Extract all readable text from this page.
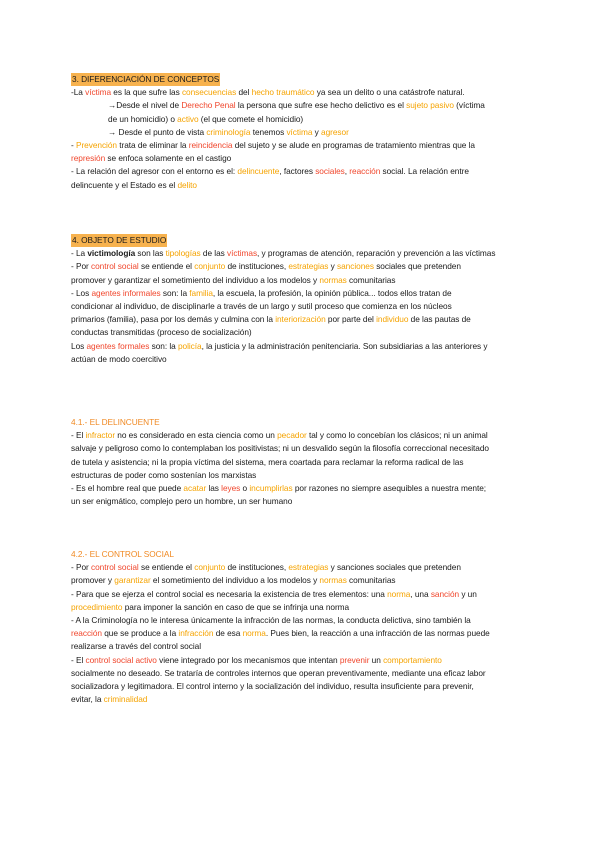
3. DIFERENCIACIÓN DE CONCEPTOS
-La víctima es la que sufre las consecuencias del hecho traumático ya sea un delito o una catástrofe natural.
→Desde el nivel de Derecho Penal la persona que sufre ese hecho delictivo es el sujeto pasivo (víctima
de un homicidio) o activo (el que comete el homicidio)
→ Desde el punto de vista criminología tenemos víctima y agresor
- Prevención trata de eliminar la reincidencia del sujeto y se alude en programas de tratamiento mientras que la
represión se enfoca solamente en el castigo
- La relación del agresor con el entorno es el: delincuente, factores sociales, reacción social. La relación entre
delincuente y el Estado es el delito
4. OBJETO DE ESTUDIO
- La victimología son las tipologías de las víctimas, y programas de atención, reparación y prevención a las víctimas
- Por control social se entiende el conjunto de instituciones, estrategias y sanciones sociales que pretenden
promover y garantizar el sometimiento del individuo a los modelos y normas comunitarias
- Los agentes informales son: la familia, la escuela, la profesión, la opinión pública... todos ellos tratan de
condicionar al individuo, de disciplinarle a través de un largo y sutil proceso que comienza en los núcleos
primarios (familia), pasa por los demás y culmina con la interiorización por parte del individuo de las pautas de
conductas transmitidas (proceso de socialización)
Los agentes formales son: la policía, la justicia y la administración penitenciaria. Son subsidiarias a las anteriores y
actúan de modo coercitivo
4.1.- EL DELINCUENTE
- El infractor no es considerado en esta ciencia como un pecador tal y como lo concebían los clásicos; ni un animal
salvaje y peligroso como lo contemplaban los positivistas; ni un desvalido según la filosofía correccional necesitado
de tutela y asistencia; ni la propia víctima del sistema, mera coartada para reclamar la reforma radical de las
estructuras de poder como sostenían los marxistas
- Es el hombre real que puede acatar las leyes o incumplirlas por razones no siempre asequibles a nuestra mente;
un ser enigmático, complejo pero un hombre, un ser humano
4.2.- EL CONTROL SOCIAL
- Por control social se entiende el conjunto de instituciones, estrategias y sanciones sociales que pretenden
promover y garantizar el sometimiento del individuo a los modelos y normas comunitarias
- Para que se ejerza el control social es necesaria la existencia de tres elementos: una norma, una sanción y un
procedimiento para imponer la sanción en caso de que se infrinja una norma
- A la Criminología no le interesa únicamente la infracción de las normas, la conducta delictiva, sino también la
reacción que se produce a la infracción de esa norma. Pues bien, la reacción a una infracción de las normas puede
realizarse a través del control social
- El control social activo viene integrado por los mecanismos que intentan prevenir un comportamiento
socialmente no deseado. Se trataría de controles internos que operan preventivamente, mediante una eficaz labor
socializadora y legitimadora. El control interno y la socialización del individuo, resulta insuficiente para prevenir,
evitar, la criminalidad
